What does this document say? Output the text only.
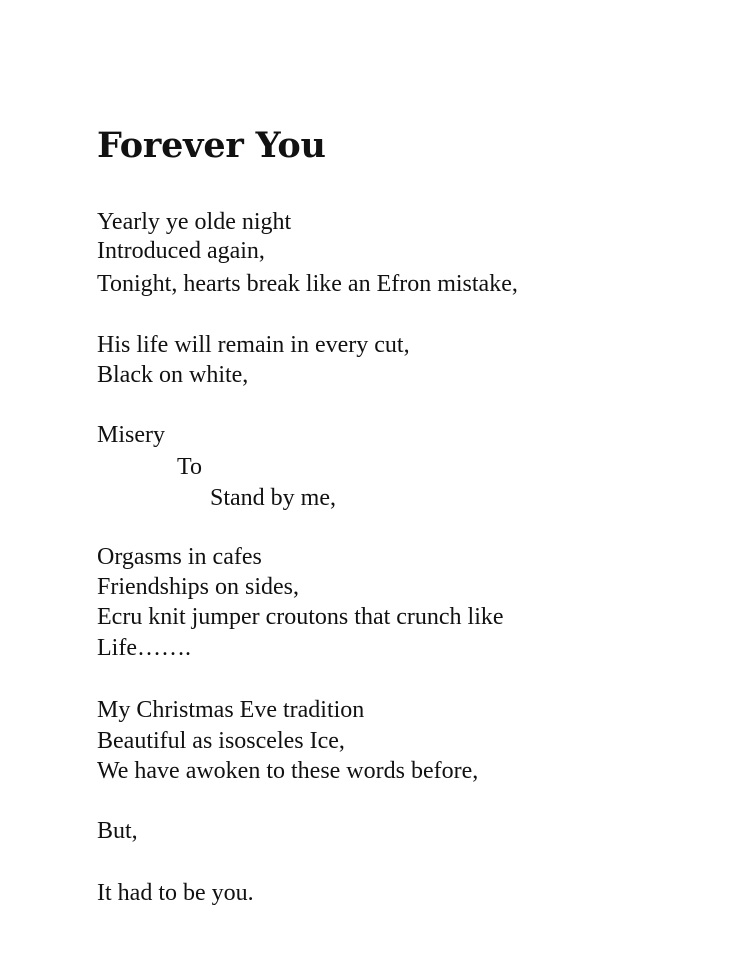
Forever You

Yearly ye olde night

Introduced again,

Tonight, hearts break like an Efron mistake,

His life will remain in every cut,

Black on white,

Misery

To

Stand by me,

Orgasms in cafes

Friendships on sides,

Ecru knit jumper croutons that crunch like

Life…….

My Christmas Eve tradition

Beautiful as isosceles Ice,

We have awoken to these words before,

But,

It had to be you.
